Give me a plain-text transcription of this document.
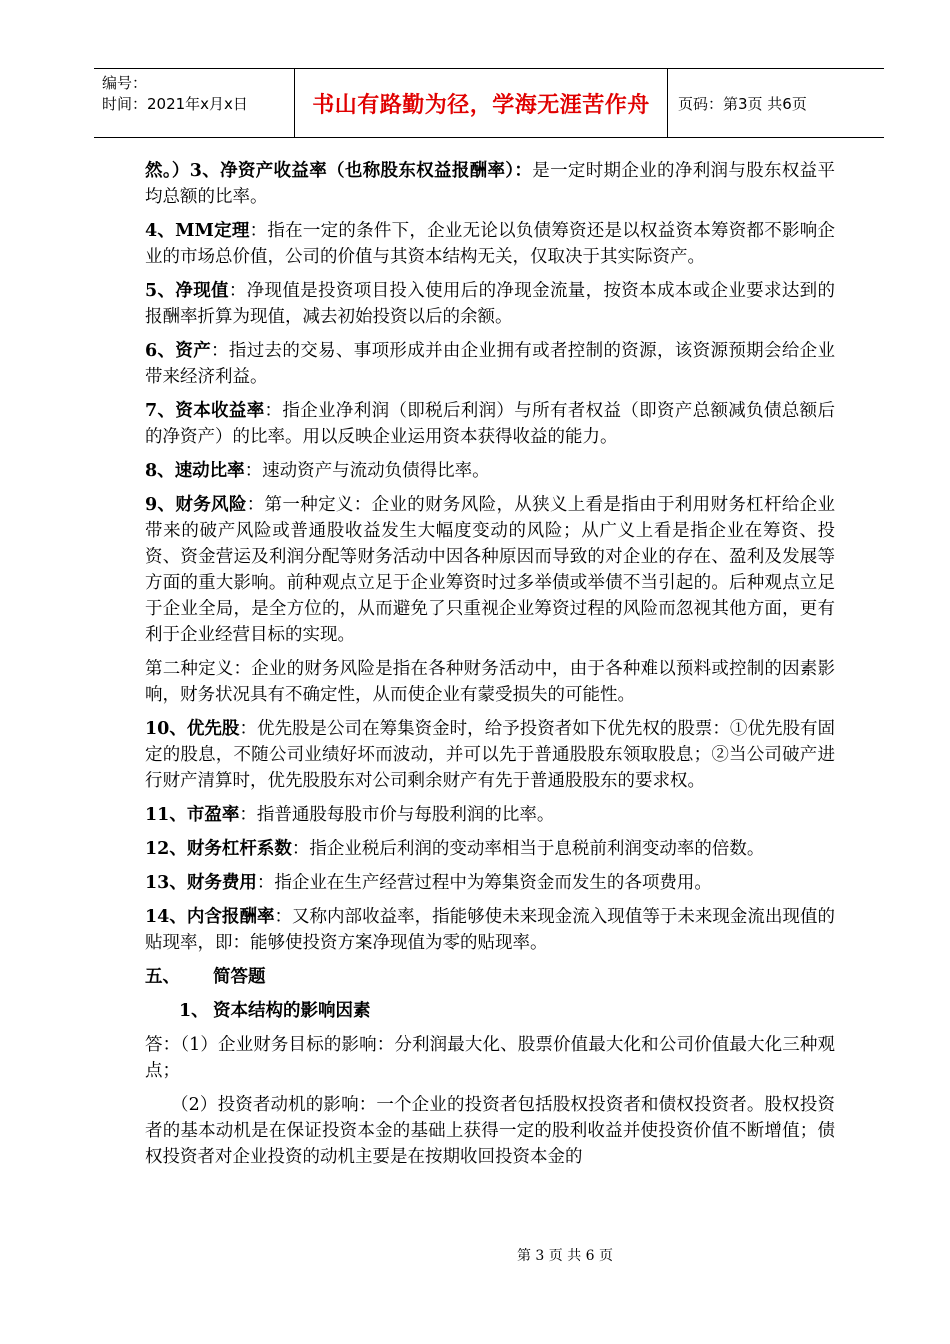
编号：
时间：2021年x月x日	书山有路勤为径，学海无涯苦作舟	页码：第3页 共6页

然。）3、净资产收益率（也称股东权益报酬率）：是一定时期企业的净利润与股东权益平均总额的比率。

4、MM定理：指在一定的条件下，企业无论以负债筹资还是以权益资本筹资都不影响企业的市场总价值，公司的价值与其资本结构无关，仅取决于其实际资产。

5、净现值：净现值是投资项目投入使用后的净现金流量，按资本成本或企业要求达到的报酬率折算为现值，减去初始投资以后的余额。

6、资产：指过去的交易、事项形成并由企业拥有或者控制的资源，该资源预期会给企业带来经济利益。

7、资本收益率：指企业净利润（即税后利润）与所有者权益（即资产总额减负债总额后的净资产）的比率。用以反映企业运用资本获得收益的能力。

8、速动比率：速动资产与流动负债得比率。

9、财务风险：第一种定义：企业的财务风险，从狭义上看是指由于利用财务杠杆给企业带来的破产风险或普通股收益发生大幅度变动的风险；从广义上看是指企业在筹资、投资、资金营运及利润分配等财务活动中因各种原因而导致的对企业的存在、盈利及发展等方面的重大影响。前种观点立足于企业筹资时过多举债或举债不当引起的。后种观点立足于企业全局，是全方位的，从而避免了只重视企业筹资过程的风险而忽视其他方面，更有利于企业经营目标的实现。

第二种定义：企业的财务风险是指在各种财务活动中，由于各种难以预料或控制的因素影响，财务状况具有不确定性，从而使企业有蒙受损失的可能性。

10、优先股：优先股是公司在筹集资金时，给予投资者如下优先权的股票：①优先股有固定的股息，不随公司业绩好坏而波动，并可以先于普通股股东领取股息；②当公司破产进行财产清算时，优先股股东对公司剩余财产有先于普通股股东的要求权。

11、市盈率：指普通股每股市价与每股利润的比率。

12、财务杠杆系数：指企业税后利润的变动率相当于息税前利润变动率的倍数。

13、财务费用：指企业在生产经营过程中为筹集资金而发生的各项费用。

14、内含报酬率：又称内部收益率，指能够使未来现金流入现值等于未来现金流出现值的贴现率，即：能够使投资方案净现值为零的贴现率。

五、 简答题

1、 资本结构的影响因素

答：（1）企业财务目标的影响：分利润最大化、股票价值最大化和公司价值最大化三种观点；

（2）投资者动机的影响：一个企业的投资者包括股权投资者和债权投资者。股权投资者的基本动机是在保证投资本金的基础上获得一定的股利收益并使投资价值不断增值；债权投资者对企业投资的动机主要是在按期收回投资本金的

第 3 页 共 6 页
